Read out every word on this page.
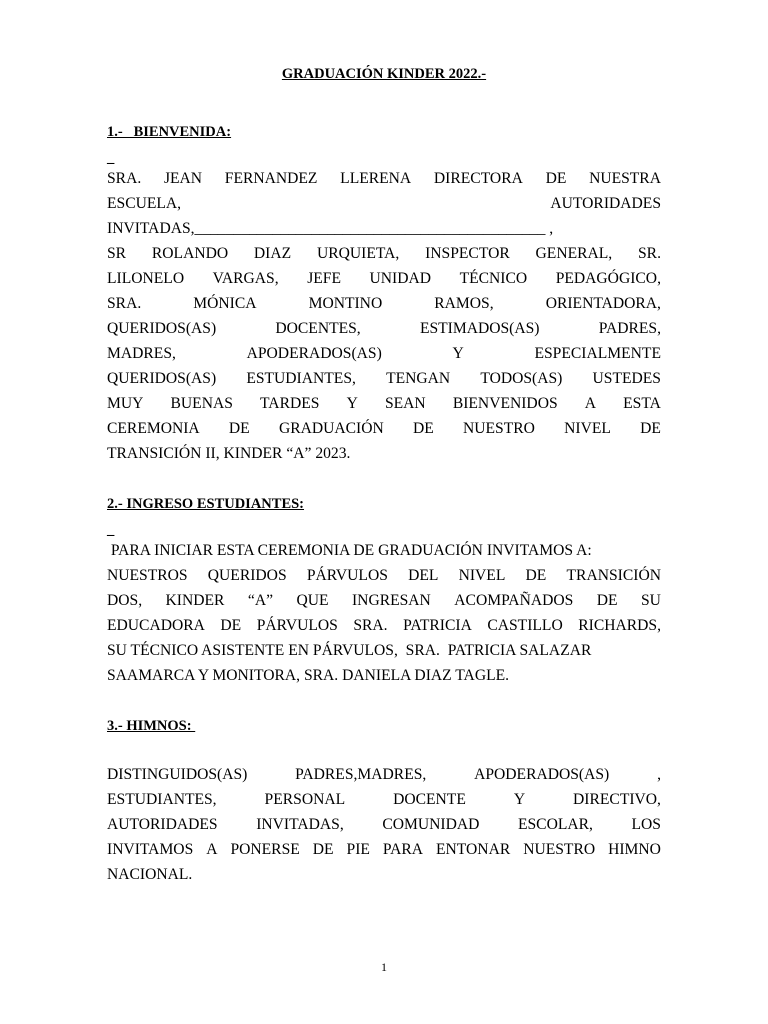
GRADUACIÓN KINDER 2022.-
1.-   BIENVENIDA:
_
SRA. JEAN FERNANDEZ LLERENA DIRECTORA DE NUESTRA
ESCUELA,	AUTORIDADES
INVITADAS,_____________________________________________ ,
SR ROLANDO DIAZ URQUIETA, INSPECTOR GENERAL, SR.
LILONELO VARGAS, JEFE UNIDAD TÉCNICO PEDAGÓGICO,
SRA.	MÓNICA	MONTINO	RAMOS,	ORIENTADORA,
QUERIDOS(AS)	DOCENTES,	ESTIMADOS(AS)	PADRES,
MADRES,	APODERADOS(AS)	Y	ESPECIALMENTE
QUERIDOS(AS) ESTUDIANTES, TENGAN TODOS(AS) USTEDES
MUY BUENAS TARDES Y SEAN BIENVENIDOS A ESTA
CEREMONIA DE GRADUACIÓN DE NUESTRO NIVEL DE
TRANSICIÓN II, KINDER “A” 2023.
2.- INGRESO ESTUDIANTES:
_
PARA INICIAR ESTA CEREMONIA DE GRADUACIÓN INVITAMOS A:
NUESTROS QUERIDOS PÁRVULOS DEL NIVEL DE TRANSICIÓN
DOS, KINDER “A” QUE INGRESAN ACOMPAÑADOS DE SU
EDUCADORA DE PÁRVULOS SRA. PATRICIA CASTILLO RICHARDS,
SU TÉCNICO ASISTENTE EN PÁRVULOS,  SRA.  PATRICIA SALAZAR
SAAMARCA Y MONITORA, SRA. DANIELA DIAZ TAGLE.
3.- HIMNOS:
DISTINGUIDOS(AS)	PADRES,MADRES,	APODERADOS(AS)	,
ESTUDIANTES,	PERSONAL	DOCENTE	Y	DIRECTIVO,
AUTORIDADES INVITADAS, COMUNIDAD ESCOLAR, LOS
INVITAMOS A PONERSE DE PIE PARA ENTONAR NUESTRO HIMNO
NACIONAL.
1
